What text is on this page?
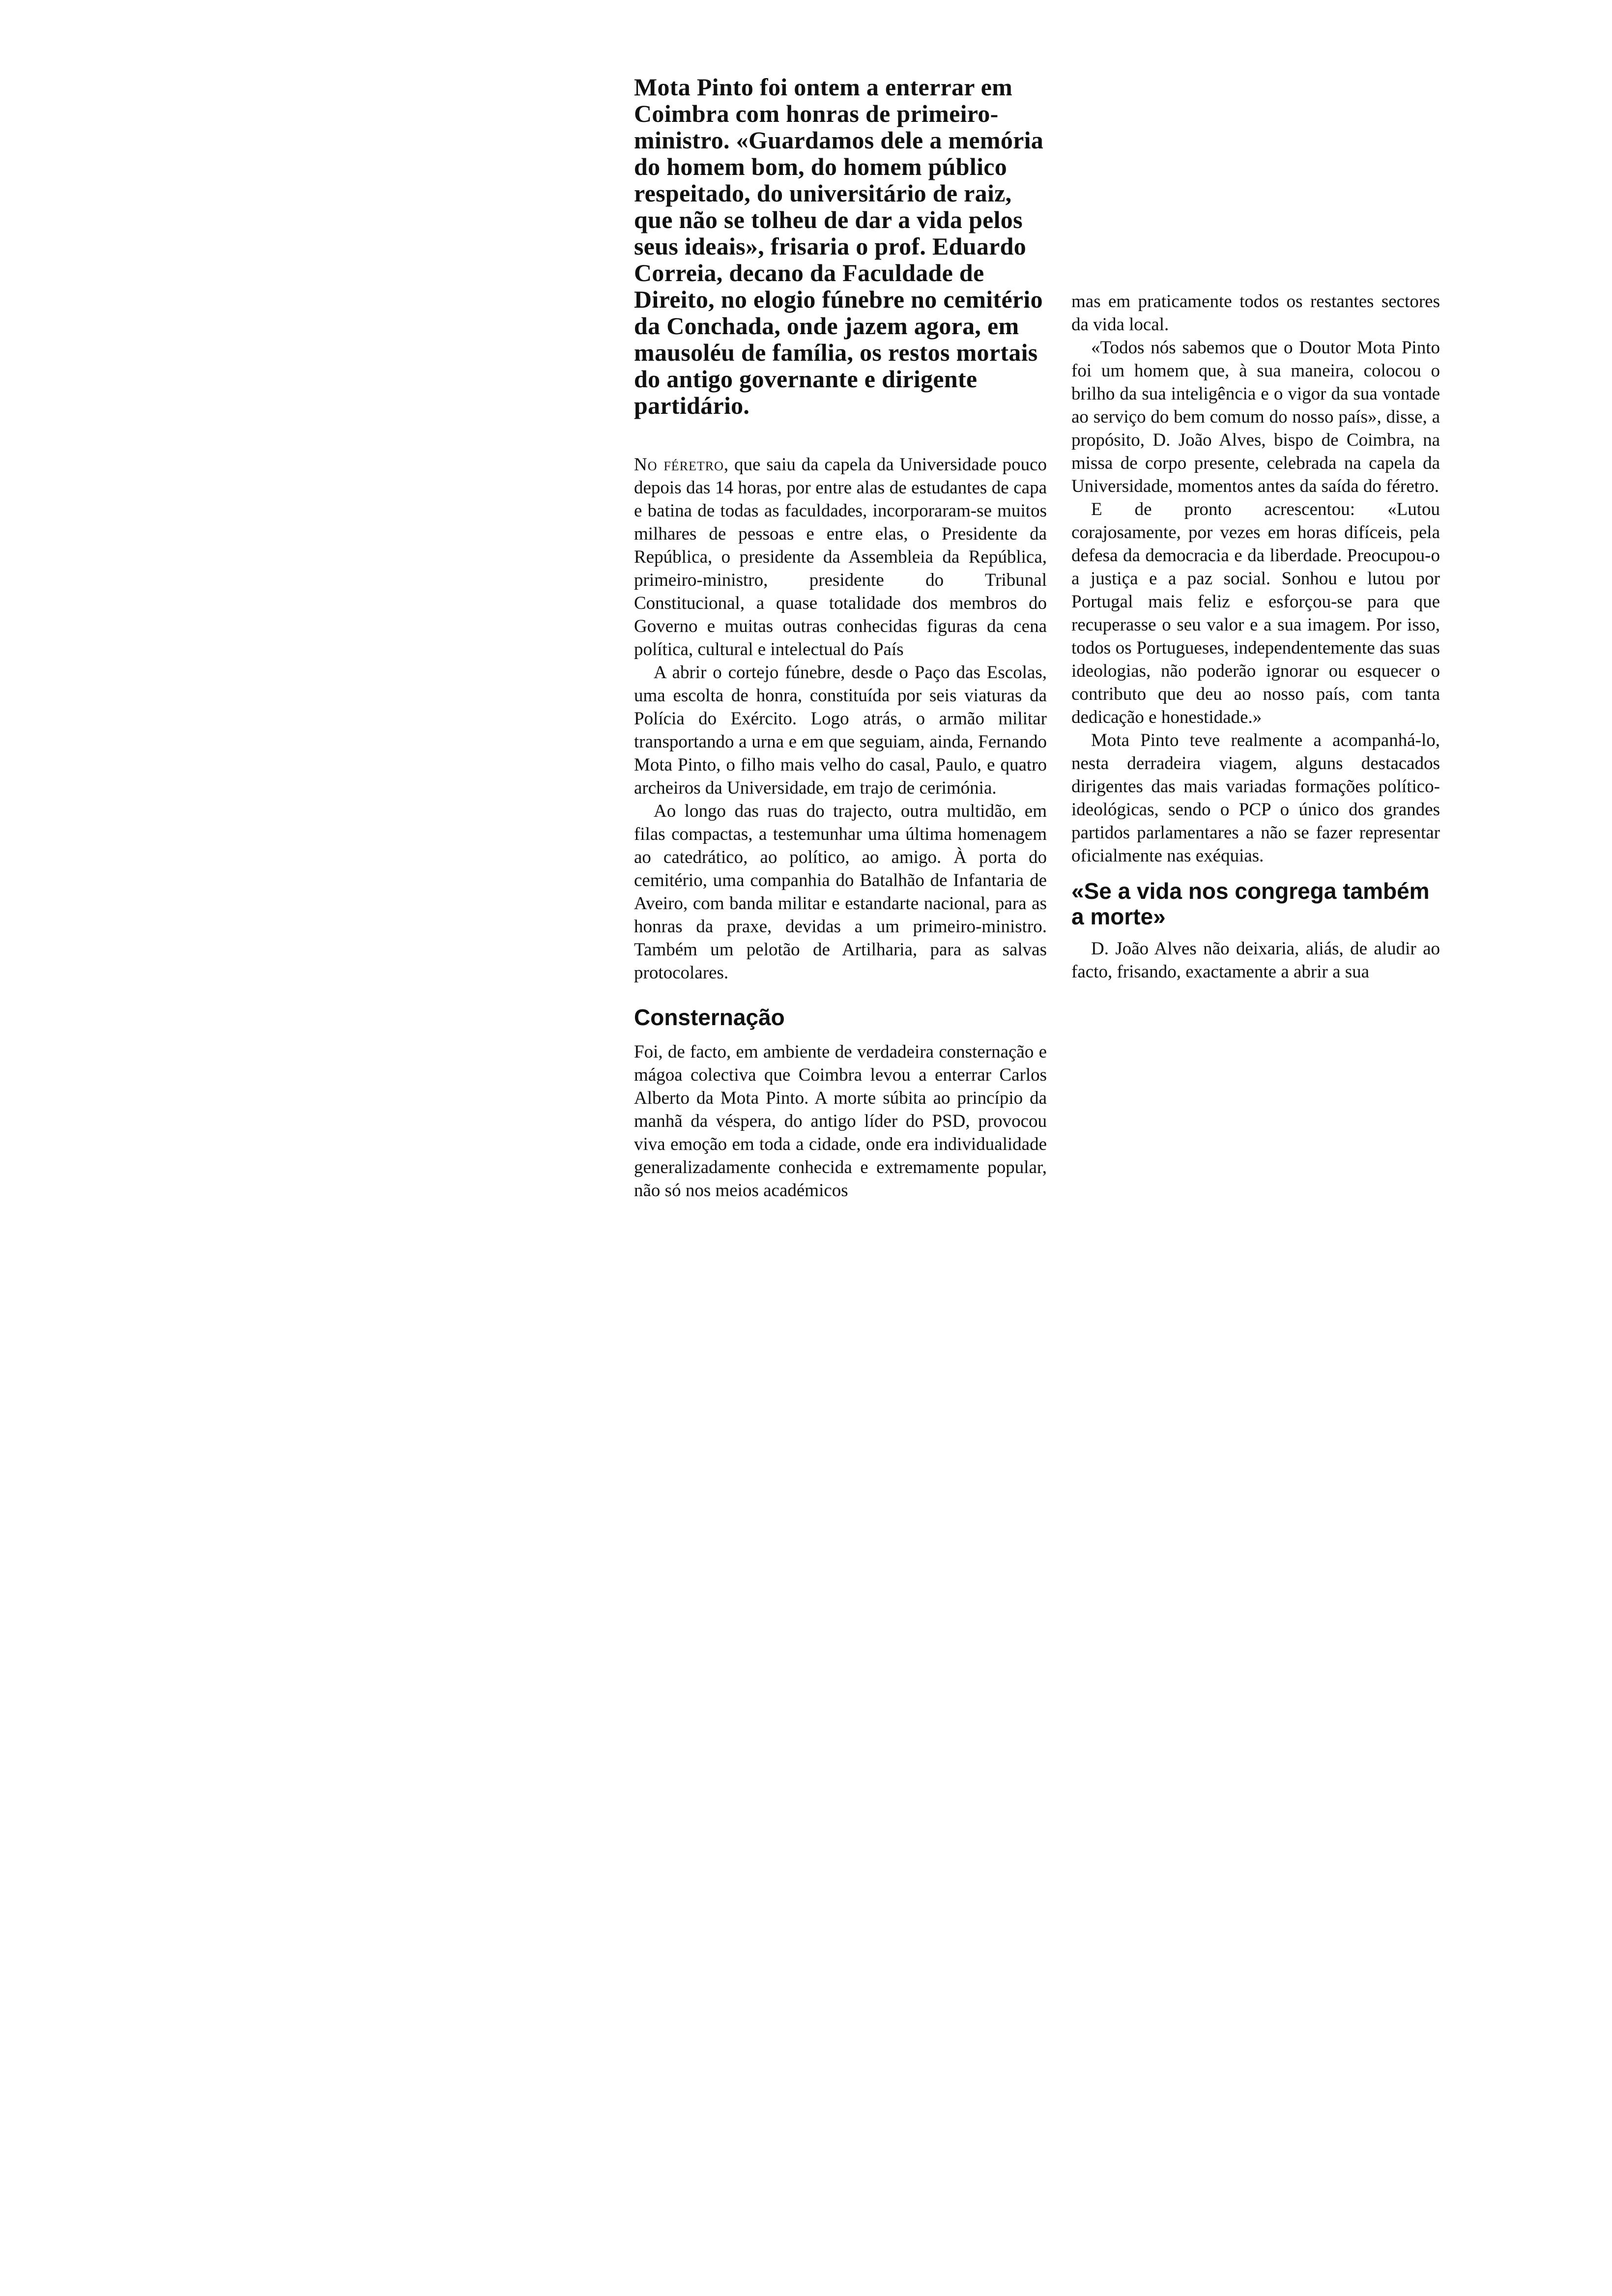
Mota Pinto foi ontem a enterrar em Coimbra com honras de primeiro-ministro. «Guardamos dele a memória do homem bom, do homem público respeitado, do universitário de raiz, que não se tolheu de dar a vida pelos seus ideais», frisaria o prof. Eduardo Correia, decano da Faculdade de Direito, no elogio fúnebre no cemitério da Conchada, onde jazem agora, em mausoléu de família, os restos mortais do antigo governante e dirigente partidário.

No féretro, que saiu da capela da Universidade pouco depois das 14 horas, por entre alas de estudantes de capa e batina de todas as faculdades, incorporaram-se muitos milhares de pessoas e entre elas, o Presidente da República, o presidente da Assembleia da República, primeiro-ministro, presidente do Tribunal Constitucional, a quase totalidade dos membros do Governo e muitas outras conhecidas figuras da cena política, cultural e intelectual do País

A abrir o cortejo fúnebre, desde o Paço das Escolas, uma escolta de honra, constituída por seis viaturas da Polícia do Exército. Logo atrás, o armão militar transportando a urna e em que seguiam, ainda, Fernando Mota Pinto, o filho mais velho do casal, Paulo, e quatro archeiros da Universidade, em trajo de cerimónia.

Ao longo das ruas do trajecto, outra multidão, em filas compactas, a testemunhar uma última homenagem ao catedrático, ao político, ao amigo. À porta do cemitério, uma companhia do Batalhão de Infantaria de Aveiro, com banda militar e estandarte nacional, para as honras da praxe, devidas a um primeiro-ministro. Também um pelotão de Artilharia, para as salvas protocolares.

Consternação

Foi, de facto, em ambiente de verdadeira consternação e mágoa colectiva que Coimbra levou a enterrar Carlos Alberto da Mota Pinto. A morte súbita ao princípio da manhã da véspera, do antigo líder do PSD, provocou viva emoção em toda a cidade, onde era individualidade generalizadamente conhecida e extremamente popular, não só nos meios académicos

mas em praticamente todos os restantes sectores da vida local.

«Todos nós sabemos que o Doutor Mota Pinto foi um homem que, à sua maneira, colocou o brilho da sua inteligência e o vigor da sua vontade ao serviço do bem comum do nosso país», disse, a propósito, D. João Alves, bispo de Coimbra, na missa de corpo presente, celebrada na capela da Universidade, momentos antes da saída do féretro.

E de pronto acrescentou: «Lutou corajosamente, por vezes em horas difíceis, pela defesa da democracia e da liberdade. Preocupou-o a justiça e a paz social. Sonhou e lutou por Portugal mais feliz e esforçou-se para que recuperasse o seu valor e a sua imagem. Por isso, todos os Portugueses, independentemente das suas ideologias, não poderão ignorar ou esquecer o contributo que deu ao nosso país, com tanta dedicação e honestidade.»

Mota Pinto teve realmente a acompanhá-lo, nesta derradeira viagem, alguns destacados dirigentes das mais variadas formações político-ideológicas, sendo o PCP o único dos grandes partidos parlamentares a não se fazer representar oficialmente nas exéquias.

«Se a vida nos congrega também a morte»

D. João Alves não deixaria, aliás, de aludir ao facto, frisando, exactamente a abrir a sua
